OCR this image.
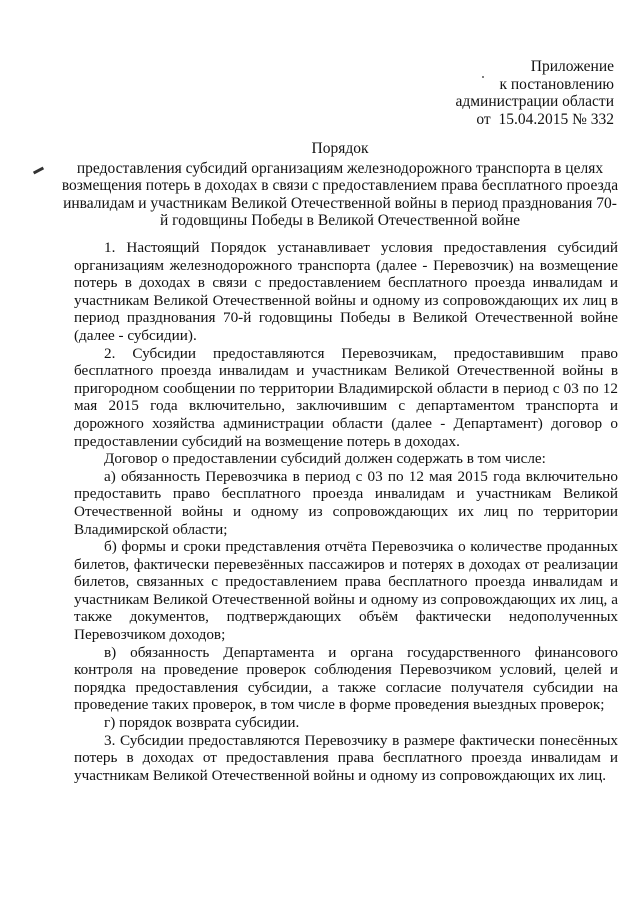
Приложение
к постановлению
администрации области
от  15.04.2015 № 332
Порядок
предоставления субсидий организациям железнодорожного транспорта в целях возмещения потерь в доходах в связи с предоставлением права бесплатного проезда инвалидам и участникам Великой Отечественной войны в период празднования 70-й годовщины Победы в Великой Отечественной войне

1. Настоящий Порядок устанавливает условия предоставления субсидий организациям железнодорожного транспорта (далее - Перевозчик) на возмещение потерь в доходах в связи с предоставлением бесплатного проезда инвалидам и участникам Великой Отечественной войны и одному из сопровождающих их лиц в период празднования 70-й годовщины Победы в Великой Отечественной войне (далее - субсидии).

2. Субсидии предоставляются Перевозчикам, предоставившим право бесплатного проезда инвалидам и участникам Великой Отечественной войны в пригородном сообщении по территории Владимирской области в период с 03 по 12 мая 2015 года включительно, заключившим с департаментом транспорта и дорожного хозяйства администрации области (далее - Департамент) договор о предоставлении субсидий на возмещение потерь в доходах.

Договор о предоставлении субсидий должен содержать в том числе:

а) обязанность Перевозчика в период с 03 по 12 мая 2015 года включительно предоставить право бесплатного проезда инвалидам и участникам Великой Отечественной войны и одному из сопровождающих их лиц по территории Владимирской области;

б) формы и сроки представления отчёта Перевозчика о количестве проданных билетов, фактически перевезённых пассажиров и потерях в доходах от реализации билетов, связанных с предоставлением права бесплатного проезда инвалидам и участникам Великой Отечественной войны и одному из сопровождающих их лиц, а также документов, подтверждающих объём фактически недополученных Перевозчиком доходов;

в) обязанность Департамента и органа государственного финансового контроля на проведение проверок соблюдения Перевозчиком условий, целей и порядка предоставления субсидии, а также согласие получателя субсидии на проведение таких проверок, в том числе в форме проведения выездных проверок;

г) порядок возврата субсидии.

3. Субсидии предоставляются Перевозчику в размере фактически понесённых потерь в доходах от предоставления права бесплатного проезда инвалидам и участникам Великой Отечественной войны и одному из сопровождающих их лиц.
